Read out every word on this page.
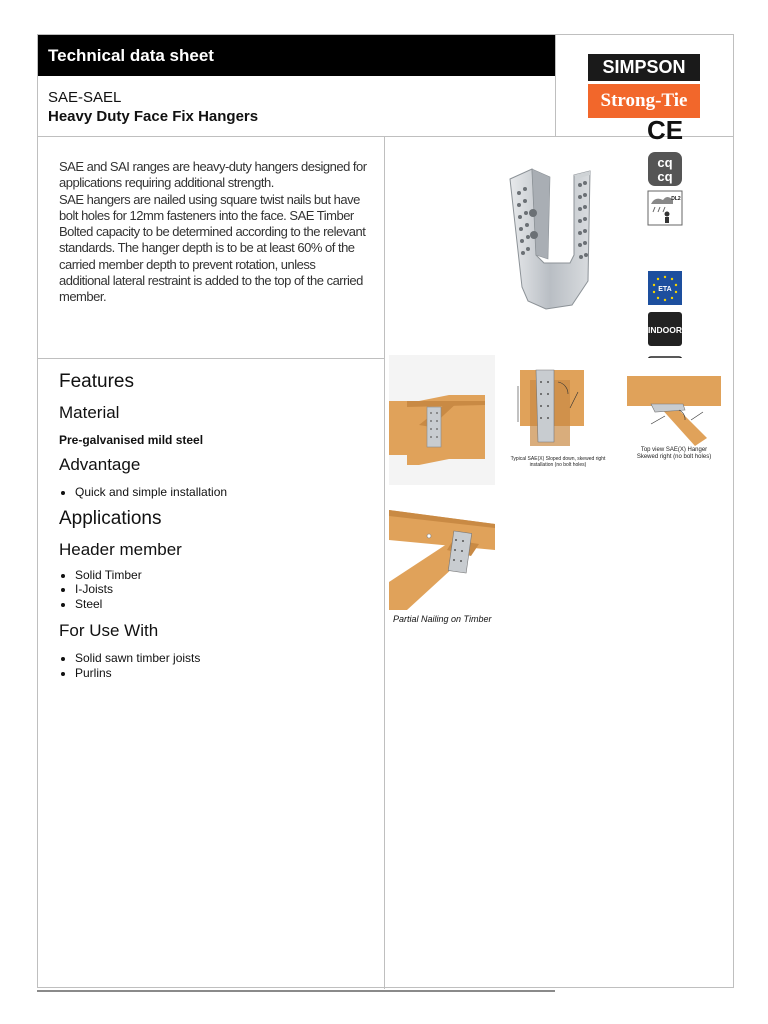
Technical data sheet
SAE-SAEL
Heavy Duty Face Fix Hangers
SIMPSON
Strong-Tie

SAE and SAI ranges are heavy-duty hangers designed for applications requiring additional strength.

SAE hangers are nailed using square twist nails but have bolt holes for 12mm fasteners into the face. SAE Timber Bolted capacity to be determined according to the relevant standards. The hanger depth is to be at least 60% of the carried member depth to prevent rotation, unless additional lateral restraint is added to the top of the carried member.

Features
Material
Pre-galvanised mild steel
Advantage
• Quick and simple installation
Applications
Header member
• Solid Timber
• I-Joists
• Steel
For Use With
• Solid sawn timber joists
• Purlins
CE
cq
cq
DL2
ETA
INDOOR
Typical SAE(X) Sloped down, skewed right installation (no bolt holes)
Top view SAE(X) Hanger
Skewed right (no bolt holes)
Partial Nailing on Timber
